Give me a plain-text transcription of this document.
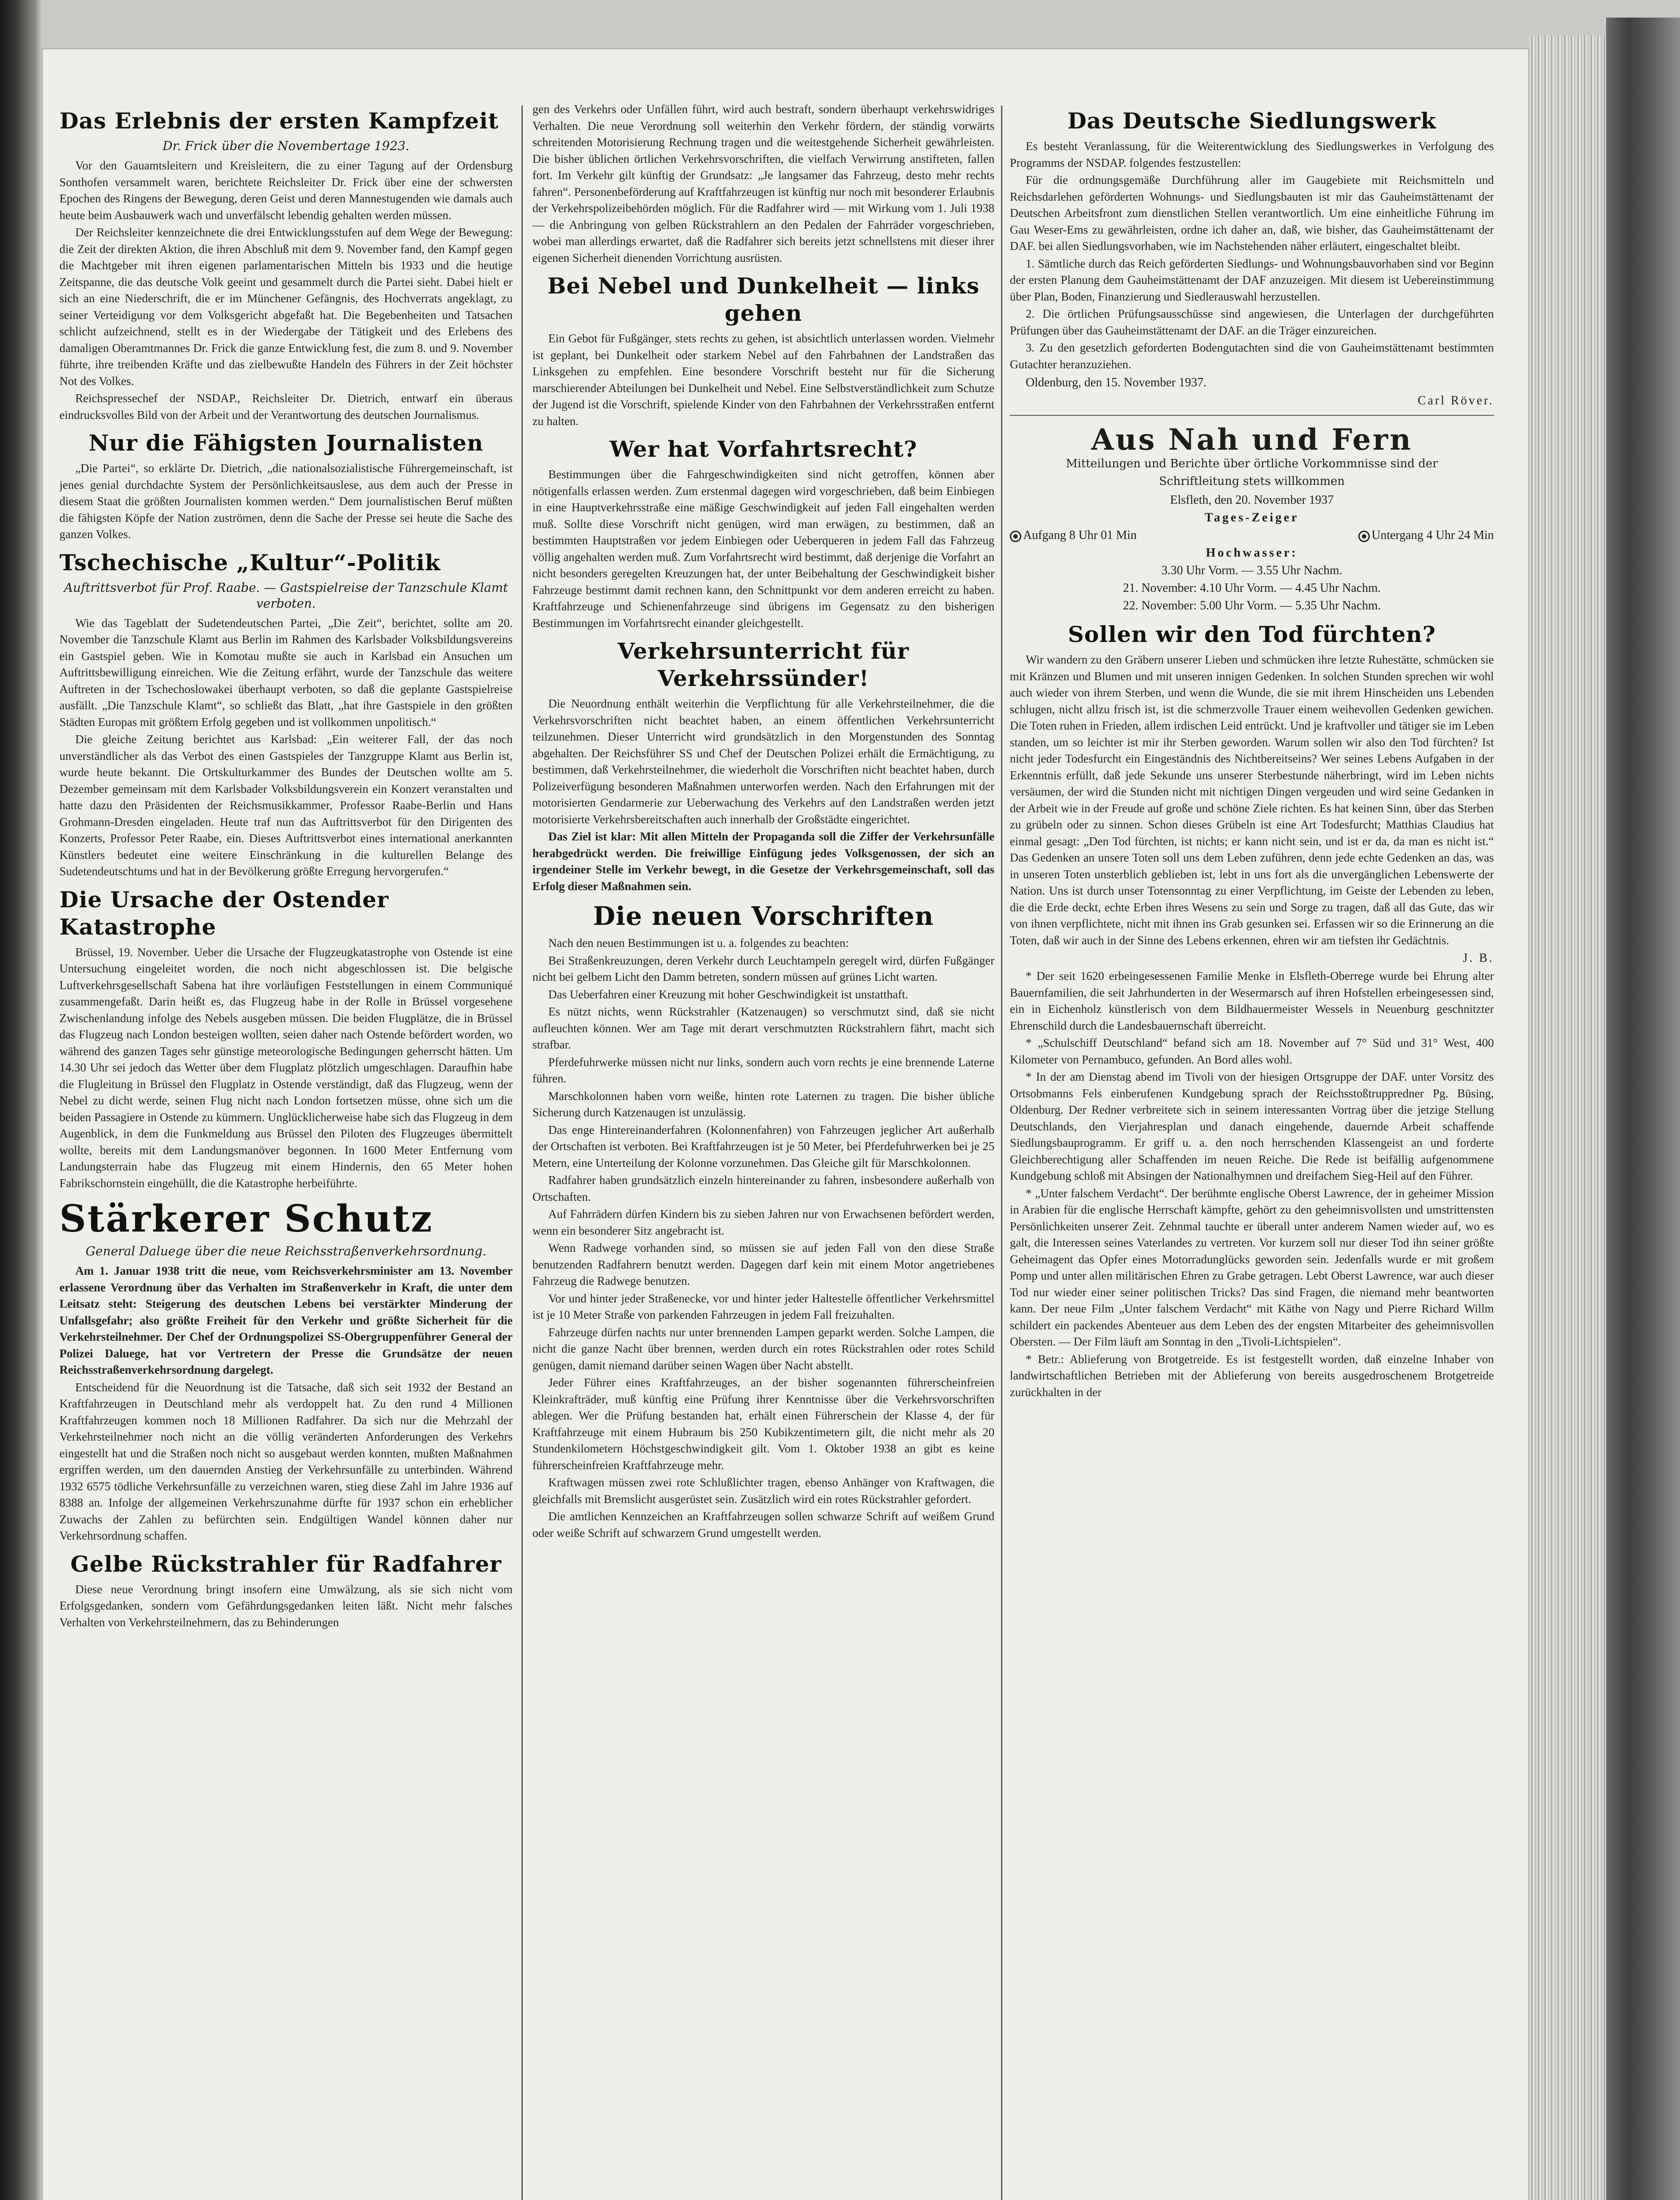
Das Erlebnis der ersten Kampfzeit
Dr. Frick über die Novembertage 1923.

Vor den Gauamtsleitern und Kreisleitern, die zu einer Tagung auf der Ordensburg Sonthofen versammelt waren, berichtete Reichsleiter Dr. Frick über eine der schwersten Epochen des Ringens der Bewegung, deren Geist und deren Mannestugenden wie damals auch heute beim Ausbauwerk wach und unverfälscht lebendig gehalten werden müssen.

Der Reichsleiter kennzeichnete die drei Entwicklungsstufen auf dem Wege der Bewegung: die Zeit der direkten Aktion, die ihren Abschluß mit dem 9. November fand, den Kampf gegen die Machtgeber mit ihren eigenen parlamentarischen Mitteln bis 1933 und die heutige Zeitspanne, die das deutsche Volk geeint und gesammelt durch die Partei sieht. Dabei hielt er sich an eine Niederschrift, die er im Münchener Gefängnis, des Hochverrats angeklagt, zu seiner Verteidigung vor dem Volksgericht abgefaßt hat. Die Begebenheiten und Tatsachen schlicht aufzeichnend, stellt es in der Wiedergabe der Tätigkeit und des Erlebens des damaligen Oberamtmannes Dr. Frick die ganze Entwicklung fest, die zum 8. und 9. November führte, ihre treibenden Kräfte und das zielbewußte Handeln des Führers in der Zeit höchster Not des Volkes.

Reichspressechef der NSDAP., Reichsleiter Dr. Dietrich, entwarf ein überaus eindrucksvolles Bild von der Arbeit und der Verantwortung des deutschen Journalismus.

Nur die Fähigsten Journalisten

„Die Partei“, so erklärte Dr. Dietrich, „die nationalsozialistische Führergemeinschaft, ist jenes genial durchdachte System der Persönlichkeitsauslese, aus dem auch der Presse in diesem Staat die größten Journalisten kommen werden.“ Dem journalistischen Beruf müßten die fähigsten Köpfe der Nation zuströmen, denn die Sache der Presse sei heute die Sache des ganzen Volkes.

Tschechische „Kultur“-Politik
Auftrittsverbot für Prof. Raabe. — Gastspielreise der Tanzschule Klamt verboten.

Wie das Tageblatt der Sudetendeutschen Partei, „Die Zeit“, berichtet, sollte am 20. November die Tanzschule Klamt aus Berlin im Rahmen des Karlsbader Volksbildungsvereins ein Gastspiel geben. Wie in Komotau mußte sie auch in Karlsbad ein Ansuchen um Auftrittsbewilligung einreichen. Wie die Zeitung erfährt, wurde der Tanzschule das weitere Auftreten in der Tschechoslowakei überhaupt verboten, so daß die geplante Gastspielreise ausfällt. „Die Tanzschule Klamt“, so schließt das Blatt, „hat ihre Gastspiele in den größten Städten Europas mit größtem Erfolg gegeben und ist vollkommen unpolitisch.“

Die gleiche Zeitung berichtet aus Karlsbad: „Ein weiterer Fall, der das noch unverständlicher als das Verbot des einen Gastspieles der Tanzgruppe Klamt aus Berlin ist, wurde heute bekannt. Die Ortskulturkammer des Bundes der Deutschen wollte am 5. Dezember gemeinsam mit dem Karlsbader Volksbildungsverein ein Konzert veranstalten und hatte dazu den Präsidenten der Reichsmusikkammer, Professor Raabe-Berlin und Hans Grohmann-Dresden eingeladen. Heute traf nun das Auftrittsverbot für den Dirigenten des Konzerts, Professor Peter Raabe, ein. Dieses Auftrittsverbot eines international anerkannten Künstlers bedeutet eine weitere Einschränkung in die kulturellen Belange des Sudetendeutschtums und hat in der Bevölkerung größte Erregung hervorgerufen.“

Die Ursache der Ostender Katastrophe

Brüssel, 19. November. Ueber die Ursache der Flugzeugkatastrophe von Ostende ist eine Untersuchung eingeleitet worden, die noch nicht abgeschlossen ist. Die belgische Luftverkehrsgesellschaft Sabena hat ihre vorläufigen Feststellungen in einem Communiqué zusammengefaßt. Darin heißt es, das Flugzeug habe in der Rolle in Brüssel vorgesehene Zwischenlandung infolge des Nebels ausgeben müssen. Die beiden Flugplätze, die in Brüssel das Flugzeug nach London besteigen wollten, seien daher nach Ostende befördert worden, wo während des ganzen Tages sehr günstige meteorologische Bedingungen geherrscht hätten. Um 14.30 Uhr sei jedoch das Wetter über dem Flugplatz plötzlich umgeschlagen. Daraufhin habe die Flugleitung in Brüssel den Flugplatz in Ostende verständigt, daß das Flugzeug, wenn der Nebel zu dicht werde, seinen Flug nicht nach London fortsetzen müsse, ohne sich um die beiden Passagiere in Ostende zu kümmern. Unglücklicherweise habe sich das Flugzeug in dem Augenblick, in dem die Funkmeldung aus Brüssel den Piloten des Flugzeuges übermittelt wollte, bereits mit dem Landungsmanöver begonnen. In 1600 Meter Entfernung vom Landungsterrain habe das Flugzeug mit einem Hindernis, den 65 Meter hohen Fabrikschornstein eingehüllt, die die Katastrophe herbeiführte.

Stärkerer Schutz
General Daluege über die neue Reichsstraßenverkehrsordnung.

Am 1. Januar 1938 tritt die neue, vom Reichsverkehrsminister am 13. November erlassene Verordnung über das Verhalten im Straßenverkehr in Kraft, die unter dem Leitsatz steht: Steigerung des deutschen Lebens bei verstärkter Minderung der Unfallsgefahr; also größte Freiheit für den Verkehr und größte Sicherheit für die Verkehrsteilnehmer. Der Chef der Ordnungspolizei SS-Obergruppenführer General der Polizei Daluege, hat vor Vertretern der Presse die Grundsätze der neuen Reichsstraßenverkehrsordnung dargelegt.

Entscheidend für die Neuordnung ist die Tatsache, daß sich seit 1932 der Bestand an Kraftfahrzeugen in Deutschland mehr als verdoppelt hat. Zu den rund 4 Millionen Kraftfahrzeugen kommen noch 18 Millionen Radfahrer. Da sich nur die Mehrzahl der Verkehrsteilnehmer noch nicht an die völlig veränderten Anforderungen des Verkehrs eingestellt hat und die Straßen noch nicht so ausgebaut werden konnten, mußten Maßnahmen ergriffen werden, um den dauernden Anstieg der Verkehrsunfälle zu unterbinden. Während 1932 6575 tödliche Verkehrsunfälle zu verzeichnen waren, stieg diese Zahl im Jahre 1936 auf 8388 an. Infolge der allgemeinen Verkehrszunahme dürfte für 1937 schon ein erheblicher Zuwachs der Zahlen zu befürchten sein. Endgültigen Wandel können daher nur Verkehrsordnung schaffen.

Gelbe Rückstrahler für Radfahrer

Diese neue Verordnung bringt insofern eine Umwälzung, als sie sich nicht vom Erfolgsgedanken, sondern vom Gefährdungsgedanken leiten läßt. Nicht mehr falsches Verhalten von Verkehrsteilnehmern, das zu Behinderungen

gen des Verkehrs oder Unfällen führt, wird auch bestraft, sondern überhaupt verkehrswidriges Verhalten. Die neue Verordnung soll weiterhin den Verkehr fördern, der ständig vorwärts schreitenden Motorisierung Rechnung tragen und die weitestgehende Sicherheit gewährleisten. Die bisher üblichen örtlichen Verkehrsvorschriften, die vielfach Verwirrung anstifteten, fallen fort. Im Verkehr gilt künftig der Grundsatz: „Je langsamer das Fahrzeug, desto mehr rechts fahren“. Personenbeförderung auf Kraftfahrzeugen ist künftig nur noch mit besonderer Erlaubnis der Verkehrspolizeibehörden möglich. Für die Radfahrer wird — mit Wirkung vom 1. Juli 1938 — die Anbringung von gelben Rückstrahlern an den Pedalen der Fahrräder vorgeschrieben, wobei man allerdings erwartet, daß die Radfahrer sich bereits jetzt schnellstens mit dieser ihrer eigenen Sicherheit dienenden Vorrichtung ausrüsten.

Bei Nebel und Dunkelheit — links gehen

Ein Gebot für Fußgänger, stets rechts zu gehen, ist absichtlich unterlassen worden. Vielmehr ist geplant, bei Dunkelheit oder starkem Nebel auf den Fahrbahnen der Landstraßen das Linksgehen zu empfehlen. Eine besondere Vorschrift besteht nur für die Sicherung marschierender Abteilungen bei Dunkelheit und Nebel. Eine Selbstverständlichkeit zum Schutze der Jugend ist die Vorschrift, spielende Kinder von den Fahrbahnen der Verkehrsstraßen entfernt zu halten.

Wer hat Vorfahrtsrecht?

Bestimmungen über die Fahrgeschwindigkeiten sind nicht getroffen, können aber nötigenfalls erlassen werden. Zum erstenmal dagegen wird vorgeschrieben, daß beim Einbiegen in eine Hauptverkehrsstraße eine mäßige Geschwindigkeit auf jeden Fall eingehalten werden muß. Sollte diese Vorschrift nicht genügen, wird man erwägen, zu bestimmen, daß an bestimmten Hauptstraßen vor jedem Einbiegen oder Ueberqueren in jedem Fall das Fahrzeug völlig angehalten werden muß. Zum Vorfahrtsrecht wird bestimmt, daß derjenige die Vorfahrt an nicht besonders geregelten Kreuzungen hat, der unter Beibehaltung der Geschwindigkeit bisher Fahrzeuge bestimmt damit rechnen kann, den Schnittpunkt vor dem anderen erreicht zu haben. Kraftfahrzeuge und Schienenfahrzeuge sind übrigens im Gegensatz zu den bisherigen Bestimmungen im Vorfahrtsrecht einander gleichgestellt.

Verkehrsunterricht für Verkehrssünder!

Die Neuordnung enthält weiterhin die Verpflichtung für alle Verkehrsteilnehmer, die die Verkehrsvorschriften nicht beachtet haben, an einem öffentlichen Verkehrsunterricht teilzunehmen. Dieser Unterricht wird grundsätzlich in den Morgenstunden des Sonntag abgehalten. Der Reichsführer SS und Chef der Deutschen Polizei erhält die Ermächtigung, zu bestimmen, daß Verkehrsteilnehmer, die wiederholt die Vorschriften nicht beachtet haben, durch Polizeiverfügung besonderen Maßnahmen unterworfen werden. Nach den Erfahrungen mit der motorisierten Gendarmerie zur Ueberwachung des Verkehrs auf den Landstraßen werden jetzt motorisierte Verkehrsbereitschaften auch innerhalb der Großstädte eingerichtet.

Das Ziel ist klar: Mit allen Mitteln der Propaganda soll die Ziffer der Verkehrsunfälle herabgedrückt werden. Die freiwillige Einfügung jedes Volksgenossen, der sich an irgendeiner Stelle im Verkehr bewegt, in die Gesetze der Verkehrsgemeinschaft, soll das Erfolg dieser Maßnahmen sein.

Die neuen Vorschriften

Nach den neuen Bestimmungen ist u. a. folgendes zu beachten:

Bei Straßenkreuzungen, deren Verkehr durch Leuchtampeln geregelt wird, dürfen Fußgänger nicht bei gelbem Licht den Damm betreten, sondern müssen auf grünes Licht warten.

Das Ueberfahren einer Kreuzung mit hoher Geschwindigkeit ist unstatthaft.

Es nützt nichts, wenn Rückstrahler (Katzenaugen) so verschmutzt sind, daß sie nicht aufleuchten können. Wer am Tage mit derart verschmutzten Rückstrahlern fährt, macht sich strafbar.

Pferdefuhrwerke müssen nicht nur links, sondern auch vorn rechts je eine brennende Laterne führen.

Marschkolonnen haben vorn weiße, hinten rote Laternen zu tragen. Die bisher übliche Sicherung durch Katzenaugen ist unzulässig.

Das enge Hintereinanderfahren (Kolonnenfahren) von Fahrzeugen jeglicher Art außerhalb der Ortschaften ist verboten. Bei Kraftfahrzeugen ist je 50 Meter, bei Pferdefuhrwerken bei je 25 Metern, eine Unterteilung der Kolonne vorzunehmen. Das Gleiche gilt für Marschkolonnen.

Radfahrer haben grundsätzlich einzeln hintereinander zu fahren, insbesondere außerhalb von Ortschaften.

Auf Fahrrädern dürfen Kindern bis zu sieben Jahren nur von Erwachsenen befördert werden, wenn ein besonderer Sitz angebracht ist.

Wenn Radwege vorhanden sind, so müssen sie auf jeden Fall von den diese Straße benutzenden Radfahrern benutzt werden. Dagegen darf kein mit einem Motor angetriebenes Fahrzeug die Radwege benutzen.

Vor und hinter jeder Straßenecke, vor und hinter jeder Haltestelle öffentlicher Verkehrsmittel ist je 10 Meter Straße von parkenden Fahrzeugen in jedem Fall freizuhalten.

Fahrzeuge dürfen nachts nur unter brennenden Lampen geparkt werden. Solche Lampen, die nicht die ganze Nacht über brennen, werden durch ein rotes Rückstrahlen oder rotes Schild genügen, damit niemand darüber seinen Wagen über Nacht abstellt.

Jeder Führer eines Kraftfahrzeuges, an der bisher sogenannten führerscheinfreien Kleinkrafträder, muß künftig eine Prüfung ihrer Kenntnisse über die Verkehrsvorschriften ablegen. Wer die Prüfung bestanden hat, erhält einen Führerschein der Klasse 4, der für Kraftfahrzeuge mit einem Hubraum bis 250 Kubikzentimetern gilt, die nicht mehr als 20 Stundenkilometern Höchstgeschwindigkeit gilt. Vom 1. Oktober 1938 an gibt es keine führerscheinfreien Kraftfahrzeuge mehr.

Kraftwagen müssen zwei rote Schlußlichter tragen, ebenso Anhänger von Kraftwagen, die gleichfalls mit Bremslicht ausgerüstet sein. Zusätzlich wird ein rotes Rückstrahler gefordert.

Die amtlichen Kennzeichen an Kraftfahrzeugen sollen schwarze Schrift auf weißem Grund oder weiße Schrift auf schwarzem Grund umgestellt werden.

Das Deutsche Siedlungswerk

Es besteht Veranlassung, für die Weiterentwicklung des Siedlungswerkes in Verfolgung des Programms der NSDAP. folgendes festzustellen:

Für die ordnungsgemäße Durchführung aller im Gaugebiete mit Reichsmitteln und Reichsdarlehen geförderten Wohnungs- und Siedlungsbauten ist mir das Gauheimstättenamt der Deutschen Arbeitsfront zum dienstlichen Stellen verantwortlich. Um eine einheitliche Führung im Gau Weser-Ems zu gewährleisten, ordne ich daher an, daß, wie bisher, das Gauheimstättenamt der DAF. bei allen Siedlungsvorhaben, wie im Nachstehenden näher erläutert, eingeschaltet bleibt.

1. Sämtliche durch das Reich geförderten Siedlungs- und Wohnungsbauvorhaben sind vor Beginn der ersten Planung dem Gauheimstättenamt der DAF anzuzeigen. Mit diesem ist Uebereinstimmung über Plan, Boden, Finanzierung und Siedlerauswahl herzustellen.

2. Die örtlichen Prüfungsausschüsse sind angewiesen, die Unterlagen der durchgeführten Prüfungen über das Gauheimstättenamt der DAF. an die Träger einzureichen.

3. Zu den gesetzlich geforderten Bodengutachten sind die von Gauheimstättenamt bestimmten Gutachter heranzuziehen.

Oldenburg, den 15. November 1937.
Carl Röver.
Aus Nah und Fern
Mitteilungen und Berichte über örtliche Vorkommnisse sind der
Schriftleitung stets willkommen
Elsfleth, den 20. November 1937
Tages-Zeiger
Aufgang 8 Uhr 01 Min	Untergang 4 Uhr 24 Min
Hochwasser:
3.30 Uhr Vorm. — 3.55 Uhr Nachm.
21. November: 4.10 Uhr Vorm. — 4.45 Uhr Nachm.
22. November: 5.00 Uhr Vorm. — 5.35 Uhr Nachm.
Sollen wir den Tod fürchten?

Wir wandern zu den Gräbern unserer Lieben und schmücken ihre letzte Ruhestätte, schmücken sie mit Kränzen und Blumen und mit unseren innigen Gedenken. In solchen Stunden sprechen wir wohl auch wieder von ihrem Sterben, und wenn die Wunde, die sie mit ihrem Hinscheiden uns Lebenden schlugen, nicht allzu frisch ist, ist die schmerzvolle Trauer einem weihevollen Gedenken gewichen. Die Toten ruhen in Frieden, allem irdischen Leid entrückt. Und je kraftvoller und tätiger sie im Leben standen, um so leichter ist mir ihr Sterben geworden. Warum sollen wir also den Tod fürchten? Ist nicht jeder Todesfurcht ein Eingeständnis des Nichtbereitseins? Wer seines Lebens Aufgaben in der Erkenntnis erfüllt, daß jede Sekunde uns unserer Sterbestunde näherbringt, wird im Leben nichts versäumen, der wird die Stunden nicht mit nichtigen Dingen vergeuden und wird seine Gedanken in der Arbeit wie in der Freude auf große und schöne Ziele richten. Es hat keinen Sinn, über das Sterben zu grübeln oder zu sinnen. Schon dieses Grübeln ist eine Art Todesfurcht; Matthias Claudius hat einmal gesagt: „Den Tod fürchten, ist nichts; er kann nicht sein, und ist er da, da man es nicht ist.“ Das Gedenken an unsere Toten soll uns dem Leben zuführen, denn jede echte Gedenken an das, was in unseren Toten unsterblich geblieben ist, lebt in uns fort als die unvergänglichen Lebenswerte der Nation. Uns ist durch unser Totensonntag zu einer Verpflichtung, im Geiste der Lebenden zu leben, die die Erde deckt, echte Erben ihres Wesens zu sein und Sorge zu tragen, daß all das Gute, das wir von ihnen verpflichtete, nicht mit ihnen ins Grab gesunken sei. Erfassen wir so die Erinnerung an die Toten, daß wir auch in der Sinne des Lebens erkennen, ehren wir am tiefsten ihr Gedächtnis.

J. B.

* Der seit 1620 erbeingesessenen Familie Menke in Elsfleth-Oberrege wurde bei Ehrung alter Bauernfamilien, die seit Jahrhunderten in der Wesermarsch auf ihren Hofstellen erbeingesessen sind, ein in Eichenholz künstlerisch von dem Bildhauermeister Wessels in Neuenburg geschnitzter Ehrenschild durch die Landesbauernschaft überreicht.

* „Schulschiff Deutschland“ befand sich am 18. November auf 7° Süd und 31° West, 400 Kilometer von Pernambuco, gefunden. An Bord alles wohl.

* In der am Dienstag abend im Tivoli von der hiesigen Ortsgruppe der DAF. unter Vorsitz des Ortsobmanns Fels einberufenen Kundgebung sprach der Reichsstoßtruppredner Pg. Büsing, Oldenburg. Der Redner verbreitete sich in seinem interessanten Vortrag über die jetzige Stellung Deutschlands, den Vierjahresplan und danach eingehende, dauernde Arbeit schaffende Siedlungsbauprogramm. Er griff u. a. den noch herrschenden Klassengeist an und forderte Gleichberechtigung aller Schaffenden im neuen Reiche. Die Rede ist beifällig aufgenommene Kundgebung schloß mit Absingen der Nationalhymnen und dreifachem Sieg-Heil auf den Führer.

* „Unter falschem Verdacht“. Der berühmte englische Oberst Lawrence, der in geheimer Mission in Arabien für die englische Herrschaft kämpfte, gehört zu den geheimnisvollsten und umstrittensten Persönlichkeiten unserer Zeit. Zehnmal tauchte er überall unter anderem Namen wieder auf, wo es galt, die Interessen seines Vaterlandes zu vertreten. Vor kurzem soll nur dieser Tod ihn seiner größte Geheimagent das Opfer eines Motorradunglücks geworden sein. Jedenfalls wurde er mit großem Pomp und unter allen militärischen Ehren zu Grabe getragen. Lebt Oberst Lawrence, war auch dieser Tod nur wieder einer seiner politischen Tricks? Das sind Fragen, die niemand mehr beantworten kann. Der neue Film „Unter falschem Verdacht“ mit Käthe von Nagy und Pierre Richard Willm schildert ein packendes Abenteuer aus dem Leben des der engsten Mitarbeiter des geheimnisvollen Obersten. — Der Film läuft am Sonntag in den „Tivoli-Lichtspielen“.

* Betr.: Ablieferung von Brotgetreide. Es ist festgestellt worden, daß einzelne Inhaber von landwirtschaftlichen Betrieben mit der Ablieferung von bereits ausgedroschenem Brotgetreide zurückhalten in der
